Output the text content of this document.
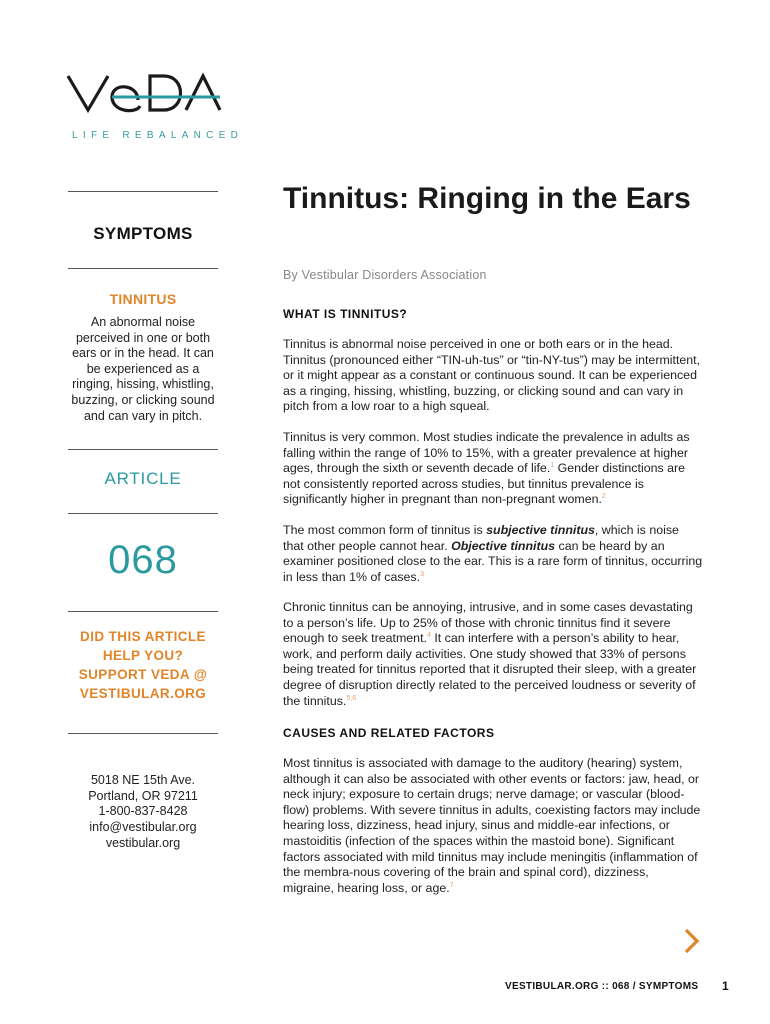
LIFE REBALANCED
SYMPTOMS
TINNITUS
An abnormal noise perceived in one or both ears or in the head. It can be experienced as a ringing, hissing, whistling, buzzing, or clicking sound and can vary in pitch.
ARTICLE
068
DID THIS ARTICLE
HELP YOU?
SUPPORT VEDA @
VESTIBULAR.ORG
5018 NE 15th Ave.
Portland, OR 97211
1-800-837-8428
info@vestibular.org
vestibular.org
Tinnitus: Ringing in the Ears
By Vestibular Disorders Association
WHAT IS TINNITUS?
Tinnitus is abnormal noise perceived in one or both ears or in the head. Tinnitus (pronounced either “TIN-uh-tus” or “tin-NY-tus”) may be intermittent, or it might appear as a constant or continuous sound. It can be experienced as a ringing, hissing, whistling, buzzing, or clicking sound and can vary in pitch from a low roar to a high squeal.
Tinnitus is very common. Most studies indicate the prevalence in adults as falling within the range of 10% to 15%, with a greater prevalence at higher ages, through the sixth or seventh decade of life.$^1$ Gender distinctions are not consistently reported across studies, but tinnitus prevalence is significantly higher in pregnant than non-pregnant women.$^2$
The most common form of tinnitus is subjective tinnitus, which is noise that other people cannot hear. Objective tinnitus can be heard by an examiner positioned close to the ear. This is a rare form of tinnitus, occurring in less than 1% of cases.$^3$
Chronic tinnitus can be annoying, intrusive, and in some cases devastating to a person’s life. Up to 25% of those with chronic tinnitus find it severe enough to seek treatment.$^4$ It can interfere with a person’s ability to hear, work, and perform daily activities. One study showed that 33% of persons being treated for tinnitus reported that it disrupted their sleep, with a greater degree of disruption directly related to the perceived loudness or severity of the tinnitus.$^{5,6}$
CAUSES AND RELATED FACTORS
Most tinnitus is associated with damage to the auditory (hearing) system, although it can also be associated with other events or factors: jaw, head, or neck injury; exposure to certain drugs; nerve damage; or vascular (blood-flow) problems. With severe tinnitus in adults, coexisting factors may include hearing loss, dizziness, head injury, sinus and middle-ear infections, or mastoiditis (infection of the spaces within the mastoid bone). Significant factors associated with mild tinnitus may include meningitis (inflammation of the membra-nous covering of the brain and spinal cord), dizziness, migraine, hearing loss, or age.$^7$
VESTIBULAR.ORG :: 068 / SYMPTOMS 1
